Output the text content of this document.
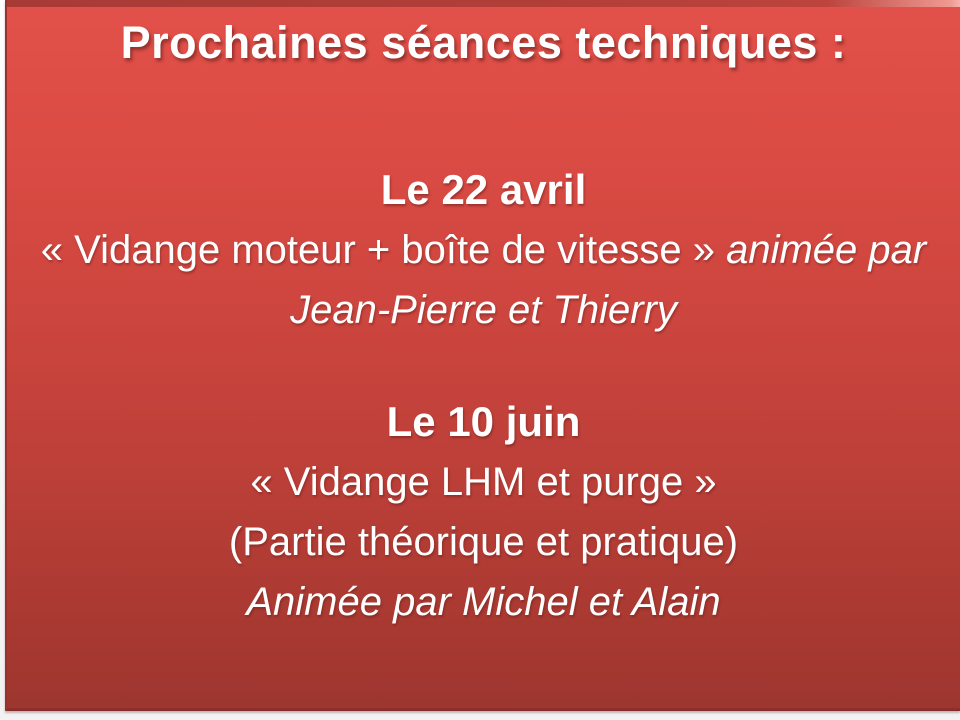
Prochaines séances techniques :
Le 22 avril

« Vidange moteur + boîte de vitesse » animée par Jean-Pierre et Thierry

Le 10 juin
« Vidange LHM et purge »
(Partie théorique et pratique)
Animée par Michel et Alain
